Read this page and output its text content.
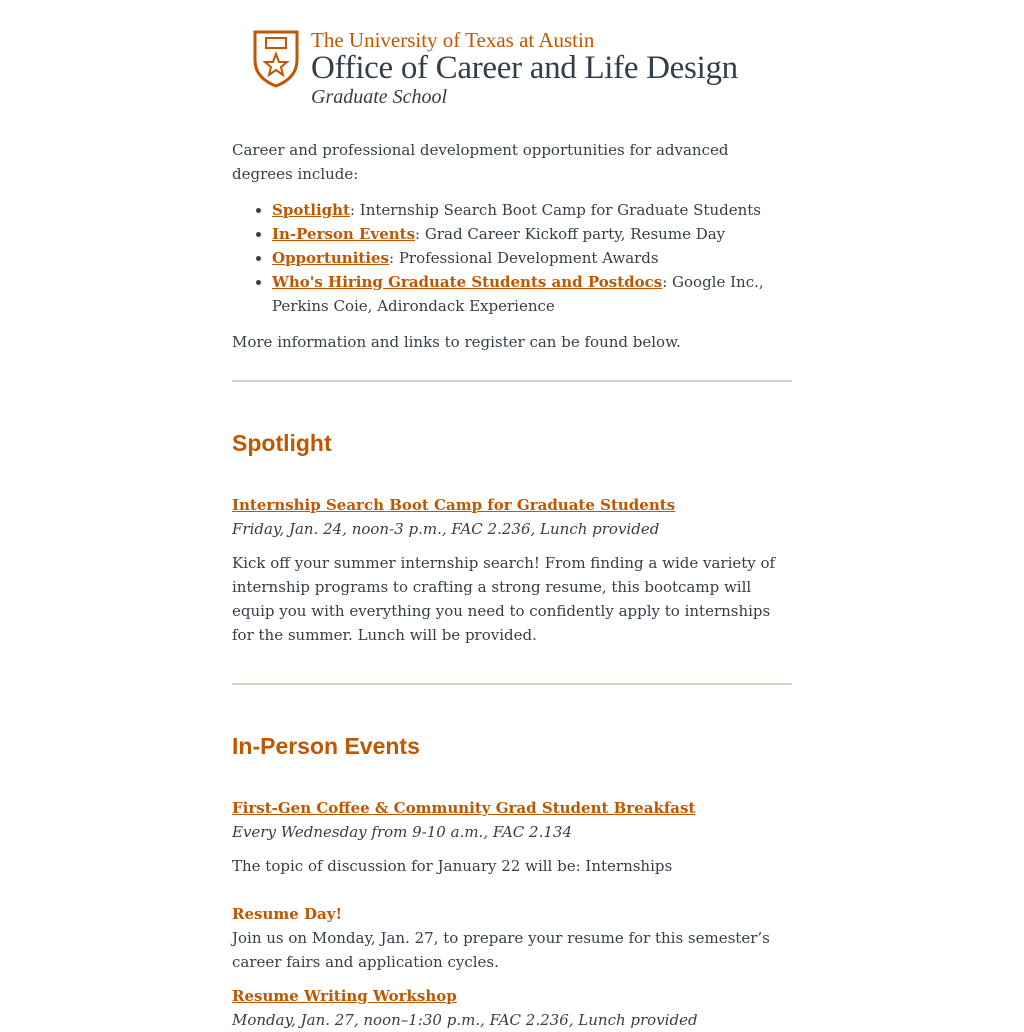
The University of Texas at Austin
Office of Career and Life Design
Graduate School

Career and professional development opportunities for advanced degrees include:

• Spotlight: Internship Search Boot Camp for Graduate Students
• In-Person Events: Grad Career Kickoff party, Resume Day
• Opportunities: Professional Development Awards
• Who's Hiring Graduate Students and Postdocs: Google Inc., Perkins Coie, Adirondack Experience

More information and links to register can be found below.

Spotlight

Internship Search Boot Camp for Graduate Students

Friday, Jan. 24, noon-3 p.m., FAC 2.236, Lunch provided

Kick off your summer internship search! From finding a wide variety of internship programs to crafting a strong resume, this bootcamp will equip you with everything you need to confidently apply to internships for the summer. Lunch will be provided.

In-Person Events

First-Gen Coffee & Community Grad Student Breakfast

Every Wednesday from 9-10 a.m., FAC 2.134

The topic of discussion for January 22 will be: Internships

Resume Day!

Join us on Monday, Jan. 27, to prepare your resume for this semester’s career fairs and application cycles.

Resume Writing Workshop

Monday, Jan. 27, noon–1:30 p.m., FAC 2.236, Lunch provided
